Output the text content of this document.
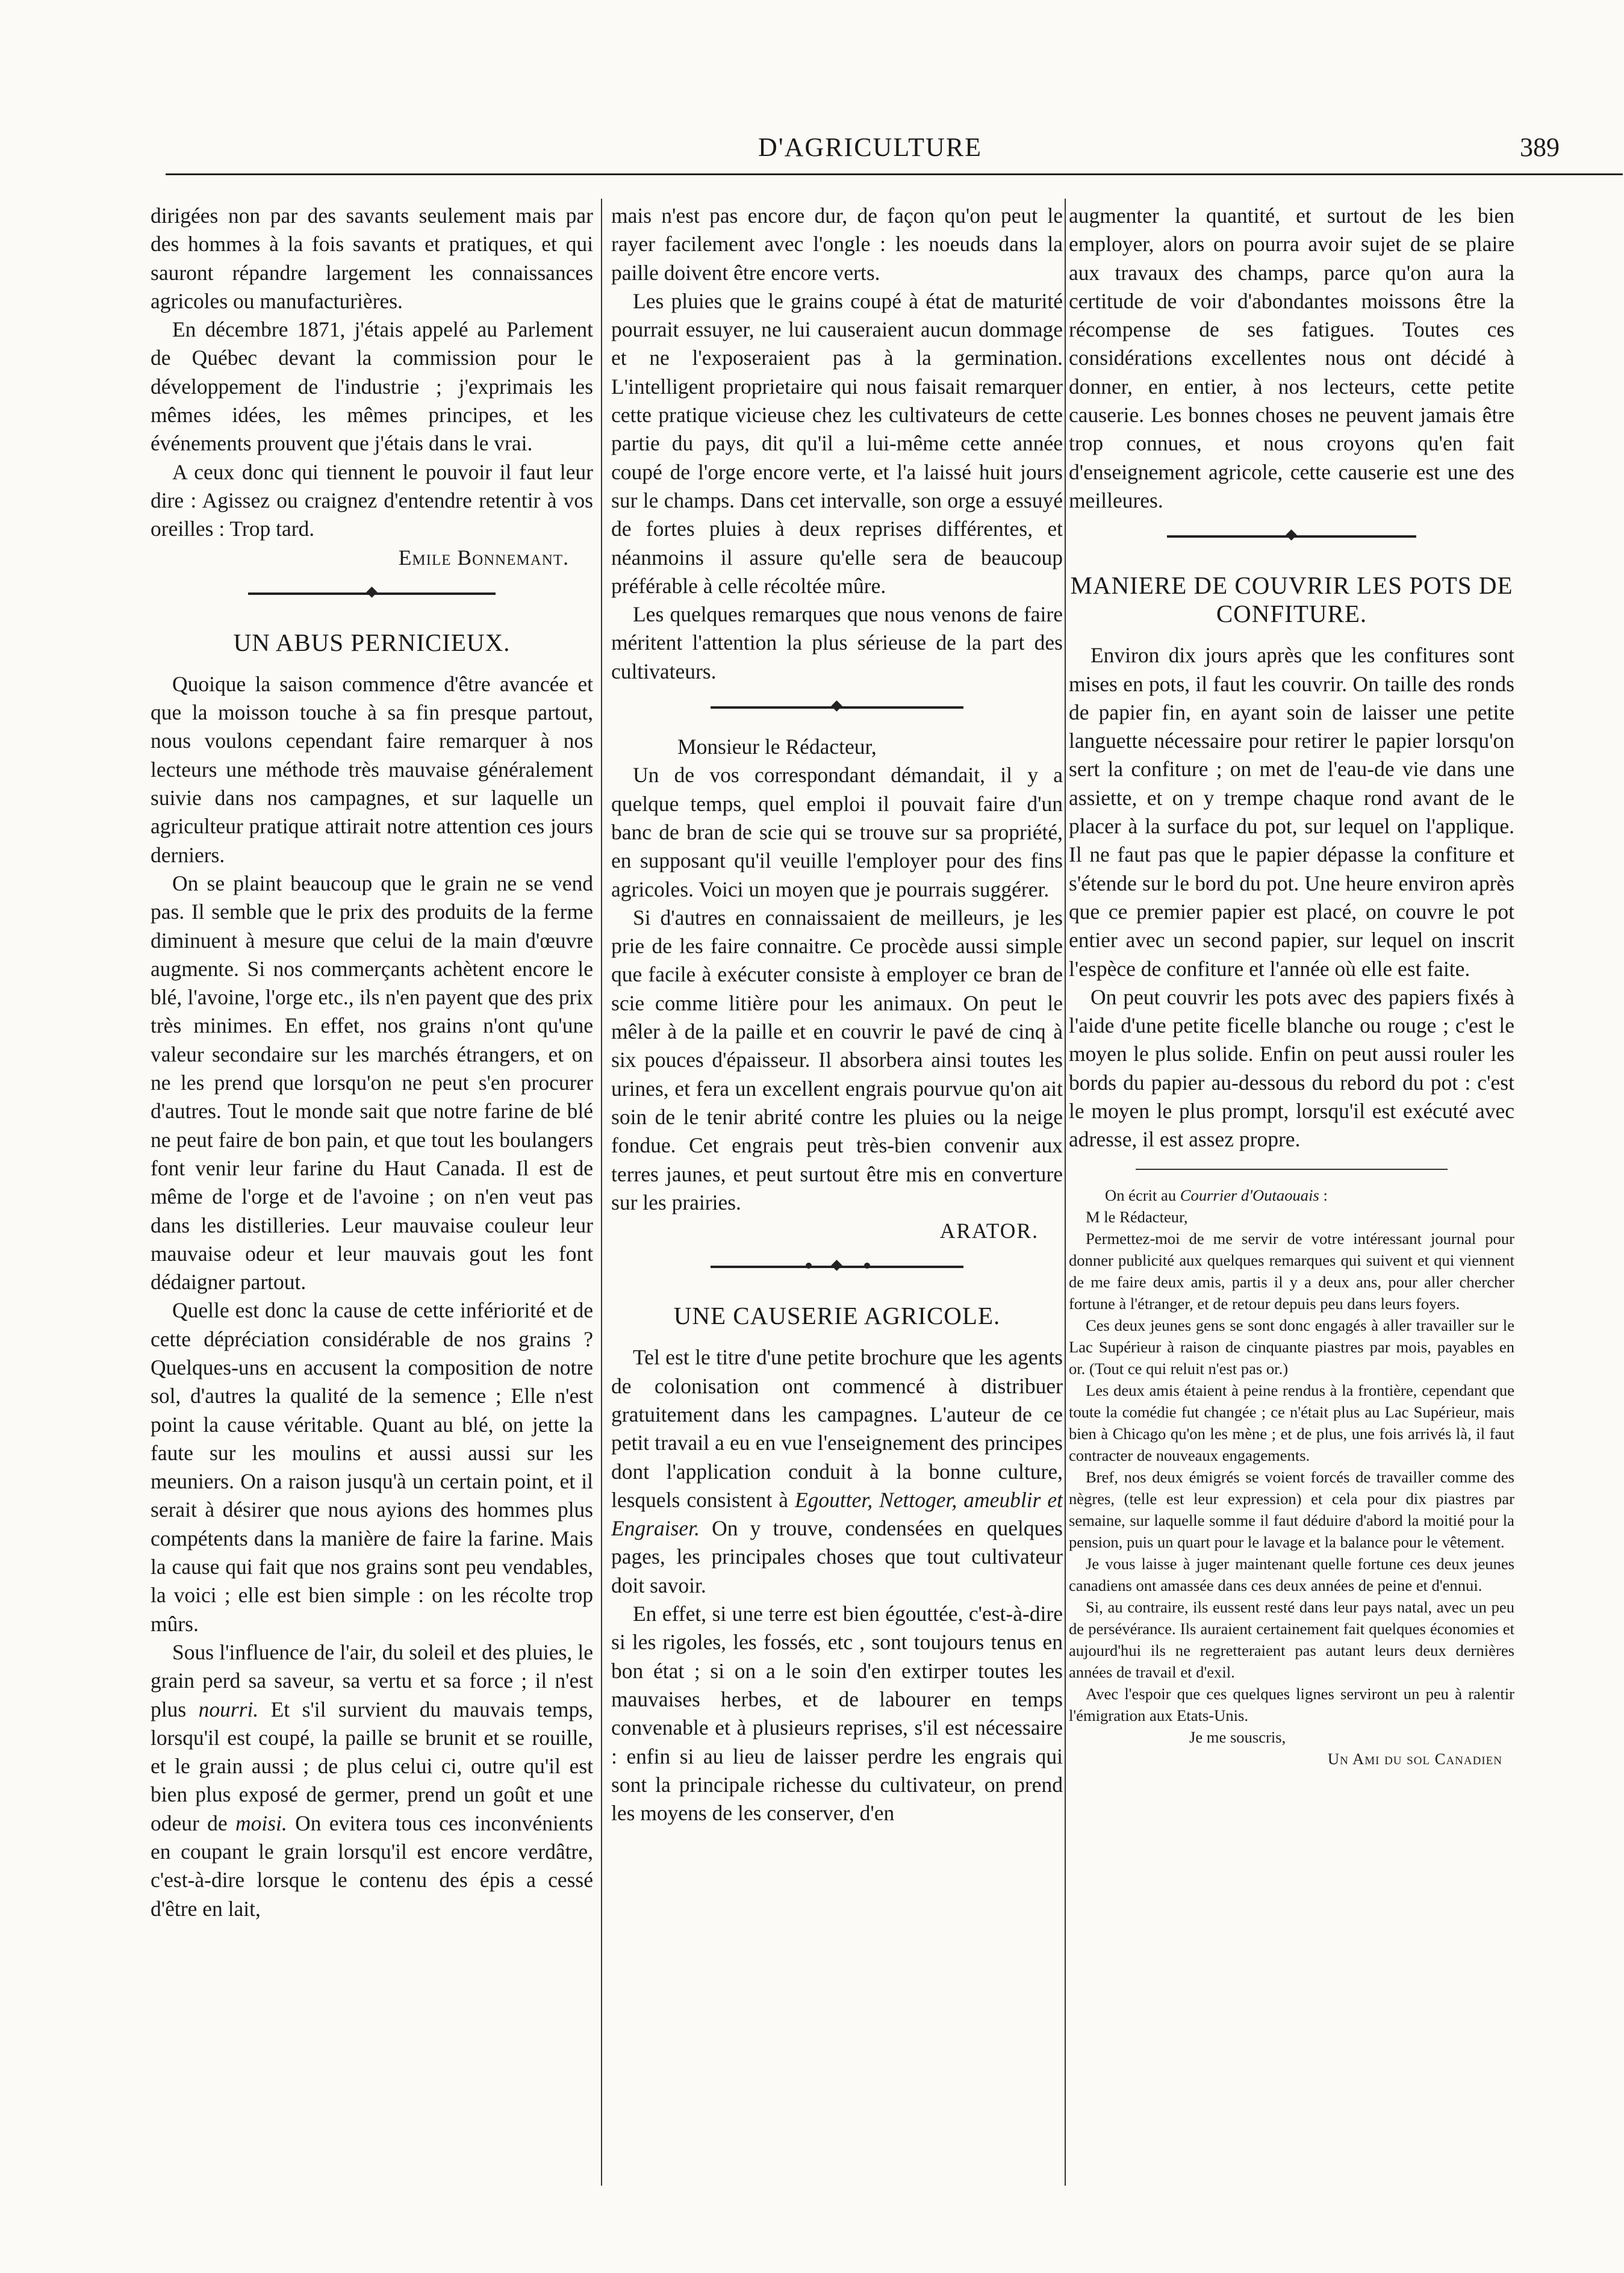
D'AGRICULTURE	389

dirigées non par des savants seulement mais par des hommes à la fois savants et pratiques, et qui sauront répandre largement les connaissances agricoles ou manufacturières.

En décembre 1871, j'étais appelé au Parlement de Québec devant la commission pour le développement de l'industrie ; j'exprimais les mêmes idées, les mêmes principes, et les événements prouvent que j'étais dans le vrai.

A ceux donc qui tiennent le pouvoir il faut leur dire : Agissez ou craignez d'entendre retentir à vos oreilles : Trop tard.

Emile Bonnemant.

UN ABUS PERNICIEUX.

Quoique la saison commence d'être avancée et que la moisson touche à sa fin presque partout, nous voulons cependant faire remarquer à nos lecteurs une méthode très mauvaise généralement suivie dans nos campagnes, et sur laquelle un agriculteur pratique attirait notre attention ces jours derniers.

On se plaint beaucoup que le grain ne se vend pas. Il semble que le prix des produits de la ferme diminuent à mesure que celui de la main d'œuvre augmente. Si nos commerçants achètent encore le blé, l'avoine, l'orge etc., ils n'en payent que des prix très minimes. En effet, nos grains n'ont qu'une valeur secondaire sur les marchés étrangers, et on ne les prend que lorsqu'on ne peut s'en procurer d'autres. Tout le monde sait que notre farine de blé ne peut faire de bon pain, et que tout les boulangers font venir leur farine du Haut Canada. Il est de même de l'orge et de l'avoine ; on n'en veut pas dans les distilleries. Leur mauvaise couleur leur mauvaise odeur et leur mauvais gout les font dédaigner partout.

Quelle est donc la cause de cette infériorité et de cette dépréciation considérable de nos grains ? Quelques-uns en accusent la composition de notre sol, d'autres la qualité de la semence ; Elle n'est point la cause véritable. Quant au blé, on jette la faute sur les moulins et aussi aussi sur les meuniers. On a raison jusqu'à un certain point, et il serait à désirer que nous ayions des hommes plus compétents dans la manière de faire la farine. Mais la cause qui fait que nos grains sont peu vendables, la voici ; elle est bien simple : on les récolte trop mûrs.

Sous l'influence de l'air, du soleil et des pluies, le grain perd sa saveur, sa vertu et sa force ; il n'est plus nourri. Et s'il survient du mauvais temps, lorsqu'il est coupé, la paille se brunit et se rouille, et le grain aussi ; de plus celui ci, outre qu'il est bien plus exposé de germer, prend un goût et une odeur de moisi. On evitera tous ces inconvénients en coupant le grain lorsqu'il est encore verdâtre, c'est-à-dire lorsque le contenu des épis a cessé d'être en lait,

mais n'est pas encore dur, de façon qu'on peut le rayer facilement avec l'ongle : les noeuds dans la paille doivent être encore verts.

Les pluies que le grains coupé à état de maturité pourrait essuyer, ne lui causeraient aucun dommage et ne l'exposeraient pas à la germination. L'intelligent proprietaire qui nous faisait remarquer cette pratique vicieuse chez les cultivateurs de cette partie du pays, dit qu'il a lui-même cette année coupé de l'orge encore verte, et l'a laissé huit jours sur le champs. Dans cet intervalle, son orge a essuyé de fortes pluies à deux reprises différentes, et néanmoins il assure qu'elle sera de beaucoup préférable à celle récoltée mûre.

Les quelques remarques que nous venons de faire méritent l'attention la plus sérieuse de la part des cultivateurs.

Monsieur le Rédacteur,

Un de vos correspondant démandait, il y a quelque temps, quel emploi il pouvait faire d'un banc de bran de scie qui se trouve sur sa propriété, en supposant qu'il veuille l'employer pour des fins agricoles. Voici un moyen que je pourrais suggérer.

Si d'autres en connaissaient de meilleurs, je les prie de les faire connaitre. Ce procède aussi simple que facile à exécuter consiste à employer ce bran de scie comme litière pour les animaux. On peut le mêler à de la paille et en couvrir le pavé de cinq à six pouces d'épaisseur. Il absorbera ainsi toutes les urines, et fera un excellent engrais pourvue qu'on ait soin de le tenir abrité contre les pluies ou la neige fondue. Cet engrais peut très-bien convenir aux terres jaunes, et peut surtout être mis en converture sur les prairies.

ARATOR.

UNE CAUSERIE AGRICOLE.

Tel est le titre d'une petite brochure que les agents de colonisation ont commencé à distribuer gratuitement dans les campagnes. L'auteur de ce petit travail a eu en vue l'enseignement des principes dont l'application conduit à la bonne culture, lesquels consistent à Egoutter, Nettoger, ameublir et Engraiser. On y trouve, condensées en quelques pages, les principales choses que tout cultivateur doit savoir.

En effet, si une terre est bien égouttée, c'est-à-dire si les rigoles, les fossés, etc , sont toujours tenus en bon état ; si on a le soin d'en extirper toutes les mauvaises herbes, et de labourer en temps convenable et à plusieurs reprises, s'il est nécessaire : enfin si au lieu de laisser perdre les engrais qui sont la principale richesse du cultivateur, on prend les moyens de les conserver, d'en

augmenter la quantité, et surtout de les bien employer, alors on pourra avoir sujet de se plaire aux travaux des champs, parce qu'on aura la certitude de voir d'abondantes moissons être la récompense de ses fatigues. Toutes ces considérations excellentes nous ont décidé à donner, en entier, à nos lecteurs, cette petite causerie. Les bonnes choses ne peuvent jamais être trop connues, et nous croyons qu'en fait d'enseignement agricole, cette causerie est une des meilleures.

MANIERE DE COUVRIR LES POTS DE CONFITURE.

Environ dix jours après que les confitures sont mises en pots, il faut les couvrir. On taille des ronds de papier fin, en ayant soin de laisser une petite languette nécessaire pour retirer le papier lorsqu'on sert la confiture ; on met de l'eau-de vie dans une assiette, et on y trempe chaque rond avant de le placer à la surface du pot, sur lequel on l'applique. Il ne faut pas que le papier dépasse la confiture et s'étende sur le bord du pot. Une heure environ après que ce premier papier est placé, on couvre le pot entier avec un second papier, sur lequel on inscrit l'espèce de confiture et l'année où elle est faite.

On peut couvrir les pots avec des papiers fixés à l'aide d'une petite ficelle blanche ou rouge ; c'est le moyen le plus solide. Enfin on peut aussi rouler les bords du papier au-dessous du rebord du pot : c'est le moyen le plus prompt, lorsqu'il est exécuté avec adresse, il est assez propre.

On écrit au Courrier d'Outaouais :

M le Rédacteur,

Permettez-moi de me servir de votre intéressant journal pour donner publicité aux quelques remarques qui suivent et qui viennent de me faire deux amis, partis il y a deux ans, pour aller chercher fortune à l'étranger, et de retour depuis peu dans leurs foyers.

Ces deux jeunes gens se sont donc engagés à aller travailler sur le Lac Supérieur à raison de cinquante piastres par mois, payables en or. (Tout ce qui reluit n'est pas or.)

Les deux amis étaient à peine rendus à la frontière, cependant que toute la comédie fut changée ; ce n'était plus au Lac Supérieur, mais bien à Chicago qu'on les mène ; et de plus, une fois arrivés là, il faut contracter de nouveaux engagements.

Bref, nos deux émigrés se voient forcés de travailler comme des nègres, (telle est leur expression) et cela pour dix piastres par semaine, sur laquelle somme il faut déduire d'abord la moitié pour la pension, puis un quart pour le lavage et la balance pour le vêtement.

Je vous laisse à juger maintenant quelle fortune ces deux jeunes canadiens ont amassée dans ces deux années de peine et d'ennui.

Si, au contraire, ils eussent resté dans leur pays natal, avec un peu de persévérance. Ils auraient certainement fait quelques économies et aujourd'hui ils ne regretteraient pas autant leurs deux dernières années de travail et d'exil.

Avec l'espoir que ces quelques lignes serviront un peu à ralentir l'émigration aux Etats-Unis.

Je me souscris,

Un Ami du sol Canadien
